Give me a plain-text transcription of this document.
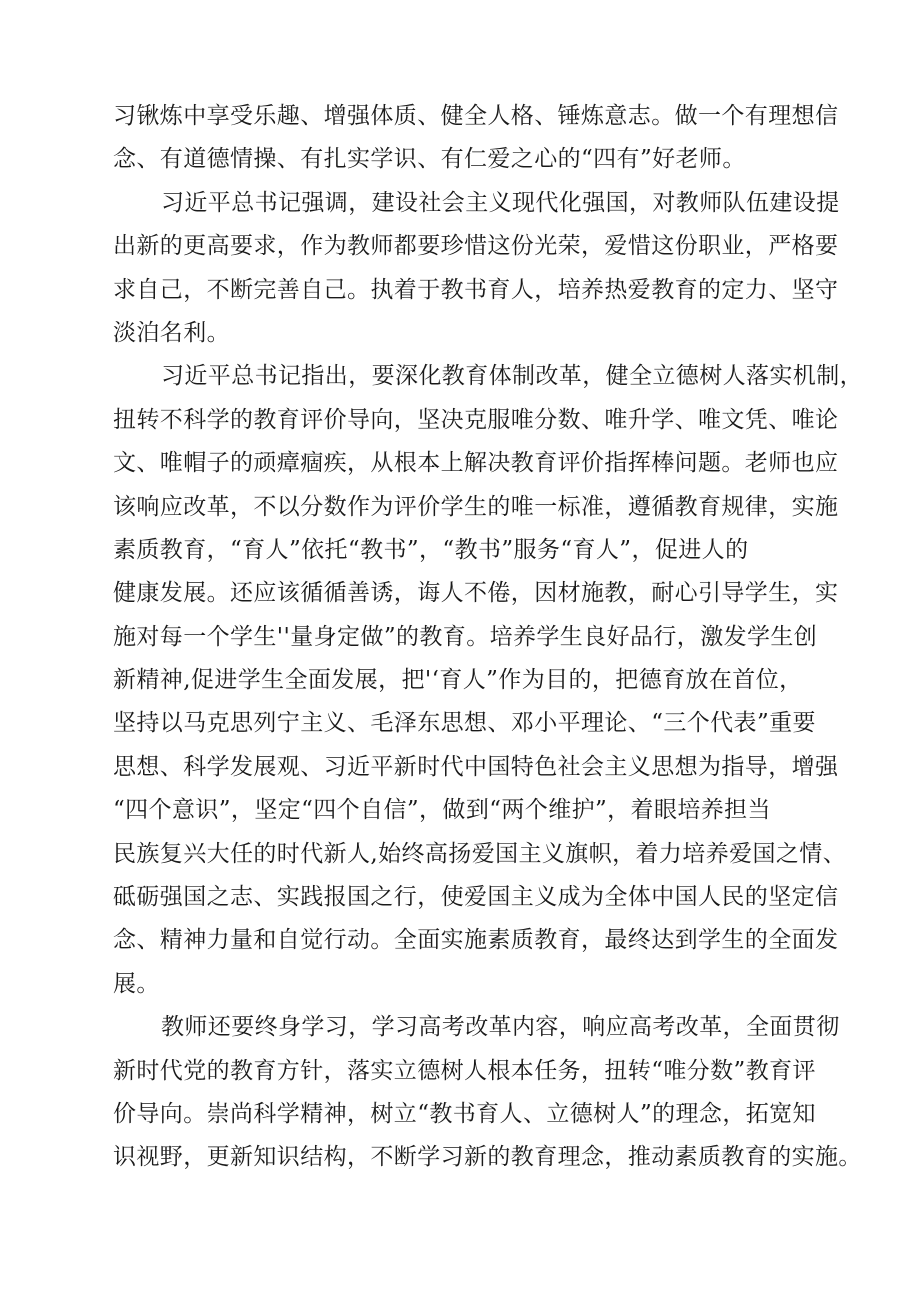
习锹炼中享受乐趣、增强体质、健全人格、锤炼意志。做一个有理想信
念、有道德情操、有扎实学识、有仁爱之心的“四有”好老师。
习近平总书记强调，建设社会主义现代化强国，对教师队伍建设提
出新的更高要求，作为教师都要珍惜这份光荣，爱惜这份职业，严格要
求自己，不断完善自己。执着于教书育人，培养热爱教育的定力、坚守
淡泊名利。
习近平总书记指出，要深化教育体制改革，健全立德树人落实机制，
扭转不科学的教育评价导向，坚决克服唯分数、唯升学、唯文凭、唯论
文、唯帽子的顽瘴痼疾，从根本上解决教育评价指挥棒问题。老师也应
该响应改革，不以分数作为评价学生的唯一标准，遵循教育规律，实施
素质教育，“育人”依托“教书”，“教书”服务“育人”，促进人的
健康发展。还应该循循善诱，诲人不倦，因材施教，耐心引导学生，实
施对每一个学生''量身定做”的教育。培养学生良好品行，激发学生创
新精神,促进学生全面发展，把'‘育人”作为目的，把德育放在首位，
坚持以马克思列宁主义、毛泽东思想、邓小平理论、“三个代表”重要
思想、科学发展观、习近平新时代中国特色社会主义思想为指导，增强
“四个意识”，坚定“四个自信”，做到“两个维护”，着眼培养担当
民族复兴大任的时代新人,始终高扬爱国主义旗帜，着力培养爱国之情、
砥砺强国之志、实践报国之行，使爱国主义成为全体中国人民的坚定信
念、精神力量和自觉行动。全面实施素质教育，最终达到学生的全面发
展。
教师还要终身学习，学习高考改革内容，响应高考改革，全面贯彻
新时代党的教育方针，落实立德树人根本任务，扭转“唯分数”教育评
价导向。崇尚科学精神，树立“教书育人、立德树人”的理念，拓宽知
识视野，更新知识结构，不断学习新的教育理念，推动素质教育的实施。
